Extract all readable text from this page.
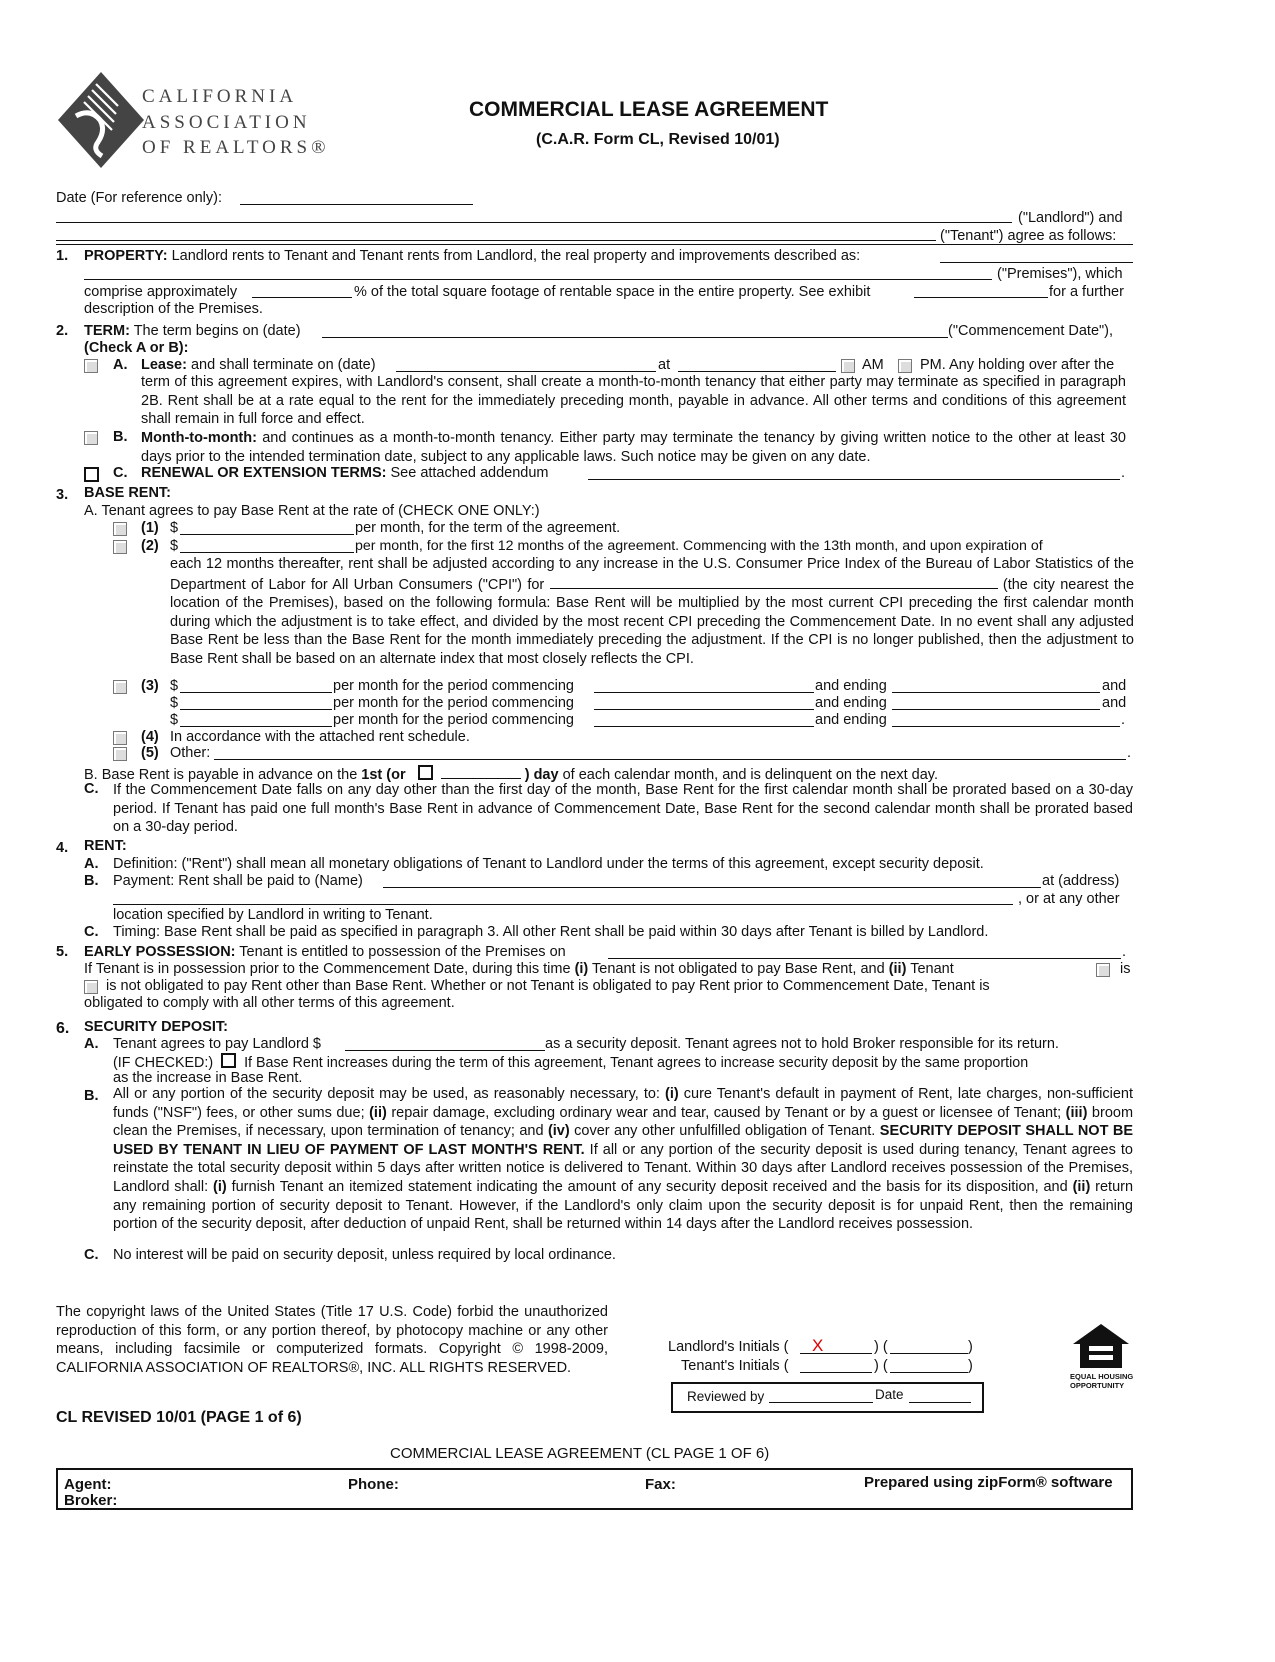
CALIFORNIA
ASSOCIATION
OF REALTORS®
COMMERCIAL LEASE AGREEMENT
(C.A.R. Form CL, Revised 10/01)
Date (For reference only):
("Landlord") and
("Tenant") agree as follows:
1. PROPERTY: Landlord rents to Tenant and Tenant rents from Landlord, the real property and improvements described as:
("Premises"), which
comprise approximately	% of the total square footage of rentable space in the entire property. See exhibit	for a further
description of the Premises.
2. TERM: The term begins on (date)	("Commencement Date"),
(Check A or B):
A. Lease: and shall terminate on (date)	at	AM	PM. Any holding over after the
term of this agreement expires, with Landlord's consent, shall create a month-to-month tenancy that either party may terminate as specified in paragraph 2B. Rent shall be at a rate equal to the rent for the immediately preceding month, payable in advance. All other terms and conditions of this agreement shall remain in full force and effect.
B. Month-to-month: and continues as a month-to-month tenancy. Either party may terminate the tenancy by giving written notice to the other at least 30 days prior to the intended termination date, subject to any applicable laws. Such notice may be given on any date.
C. RENEWAL OR EXTENSION TERMS: See attached addendum	.
3. BASE RENT:
A. Tenant agrees to pay Base Rent at the rate of (CHECK ONE ONLY:)
(1) $	per month, for the term of the agreement.
(2) $	per month, for the first 12 months of the agreement. Commencing with the 13th month, and upon expiration of
each 12 months thereafter, rent shall be adjusted according to any increase in the U.S. Consumer Price Index of the Bureau of Labor Statistics of the Department of Labor for All Urban Consumers ("CPI") for	(the city nearest the location of the Premises), based on the following formula: Base Rent will be multiplied by the most current CPI preceding the first calendar month during which the adjustment is to take effect, and divided by the most recent CPI preceding the Commencement Date. In no event shall any adjusted Base Rent be less than the Base Rent for the month immediately preceding the adjustment. If the CPI is no longer published, then the adjustment to Base Rent shall be based on an alternate index that most closely reflects the CPI.
(3) $	per month for the period commencing	and ending	and
$	per month for the period commencing	and ending	and
$	per month for the period commencing	and ending	.
(4) In accordance with the attached rent schedule.
(5) Other:	.
B. Base Rent is payable in advance on the 1st (or	) day of each calendar month, and is delinquent on the next day.
C. If the Commencement Date falls on any day other than the first day of the month, Base Rent for the first calendar month shall be prorated based on a 30-day period. If Tenant has paid one full month's Base Rent in advance of Commencement Date, Base Rent for the second calendar month shall be prorated based on a 30-day period.
4. RENT:
A. Definition: ("Rent") shall mean all monetary obligations of Tenant to Landlord under the terms of this agreement, except security deposit.
B. Payment: Rent shall be paid to (Name)	at (address)
, or at any other
location specified by Landlord in writing to Tenant.
C. Timing: Base Rent shall be paid as specified in paragraph 3. All other Rent shall be paid within 30 days after Tenant is billed by Landlord.
5. EARLY POSSESSION: Tenant is entitled to possession of the Premises on	.
If Tenant is in possession prior to the Commencement Date, during this time (i) Tenant is not obligated to pay Base Rent, and (ii) Tenant	is
is not obligated to pay Rent other than Base Rent. Whether or not Tenant is obligated to pay Rent prior to Commencement Date, Tenant is
obligated to comply with all other terms of this agreement.
6. SECURITY DEPOSIT:
A. Tenant agrees to pay Landlord $	as a security deposit. Tenant agrees not to hold Broker responsible for its return.
(IF CHECKED:) If Base Rent increases during the term of this agreement, Tenant agrees to increase security deposit by the same proportion
as the increase in Base Rent.
B. All or any portion of the security deposit may be used, as reasonably necessary, to: (i) cure Tenant's default in payment of Rent, late charges, non-sufficient funds ("NSF") fees, or other sums due; (ii) repair damage, excluding ordinary wear and tear, caused by Tenant or by a guest or licensee of Tenant; (iii) broom clean the Premises, if necessary, upon termination of tenancy; and (iv) cover any other unfulfilled obligation of Tenant. SECURITY DEPOSIT SHALL NOT BE USED BY TENANT IN LIEU OF PAYMENT OF LAST MONTH'S RENT. If all or any portion of the security deposit is used during tenancy, Tenant agrees to reinstate the total security deposit within 5 days after written notice is delivered to Tenant. Within 30 days after Landlord receives possession of the Premises, Landlord shall: (i) furnish Tenant an itemized statement indicating the amount of any security deposit received and the basis for its disposition, and (ii) return any remaining portion of security deposit to Tenant. However, if the Landlord's only claim upon the security deposit is for unpaid Rent, then the remaining portion of the security deposit, after deduction of unpaid Rent, shall be returned within 14 days after the Landlord receives possession.
C. No interest will be paid on security deposit, unless required by local ordinance.
The copyright laws of the United States (Title 17 U.S. Code) forbid the unauthorized reproduction of this form, or any portion thereof, by photocopy machine or any other means, including facsimile or computerized formats. Copyright © 1998-2009, CALIFORNIA ASSOCIATION OF REALTORS®, INC. ALL RIGHTS RESERVED.
Landlord's Initials ( X	) (	)
Tenant's Initials (	) (	)
Reviewed by	Date
EQUAL HOUSING
OPPORTUNITY
CL REVISED 10/01 (PAGE 1 of 6)
COMMERCIAL LEASE AGREEMENT (CL PAGE 1 OF 6)
Agent:
Broker:
Phone:	Fax:	Prepared using zipForm® software
